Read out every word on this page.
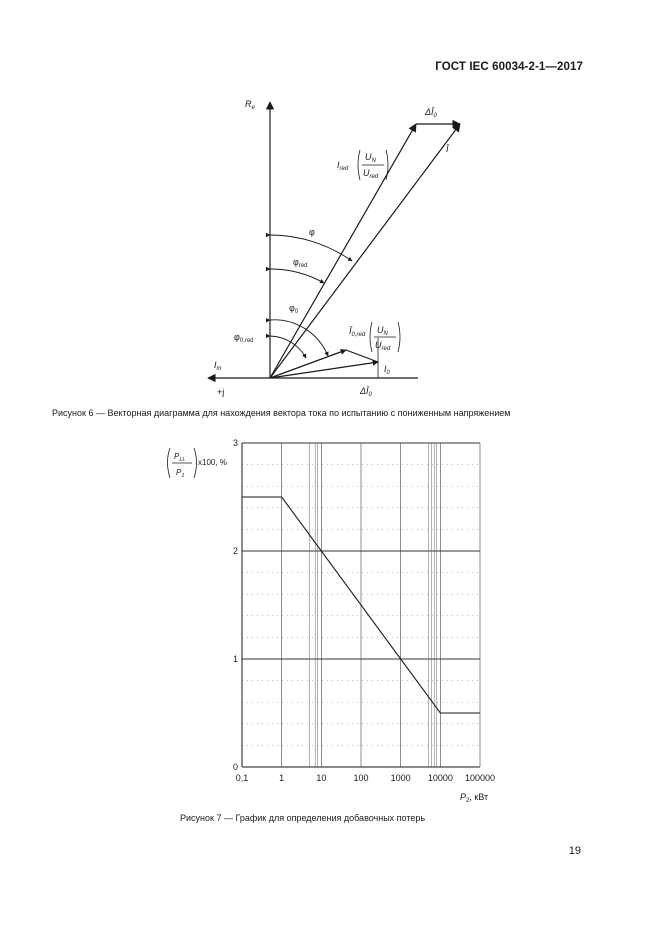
ГОСТ IEC 60034-2-1—2017
$R_e$
$I_m$
+j
$\Delta Ī_0$
Ī
$I_{red}$
$U_N$
$U_{red}$
φ
$\varphi_{red}$
$\varphi_0$
$\varphi_{0,red}$
$Ī_{0,red}$ $U_N$
$U_{red}$
$I_0$
$\Delta Ī_0$
Рисунок 6 — Векторная диаграмма для нахождения вектора тока по испытанию с пониженным напряжением
0,1	1	10	100 1000 10000 100000
0
1
2
3
$P_{LL}$
$P_1$
х100, %
$P_2$, кВт
Рисунок 7 — График для определения добавочных потерь
19
